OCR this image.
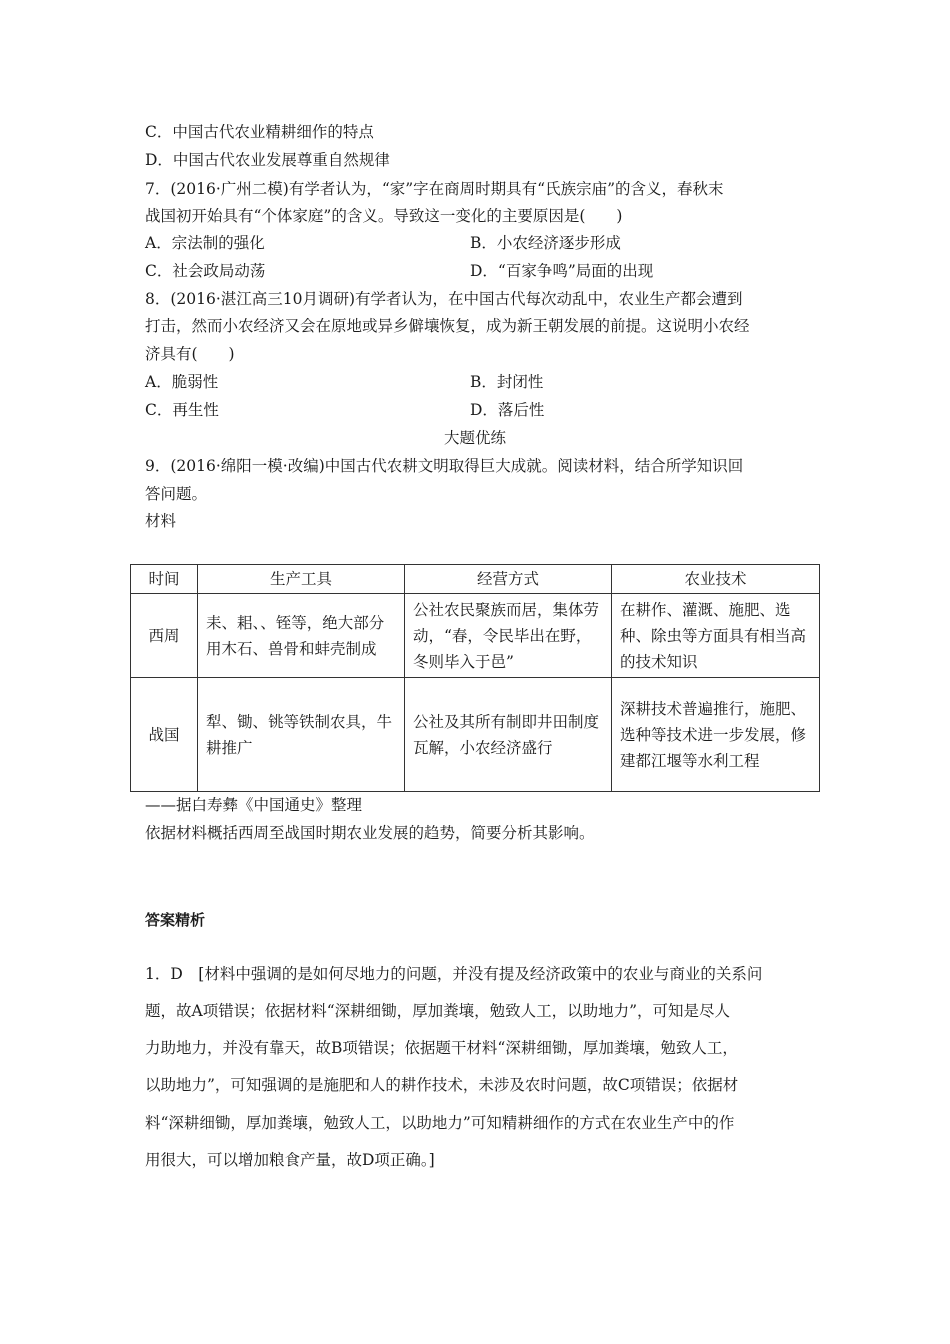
C．中国古代农业精耕细作的特点
D．中国古代农业发展尊重自然规律
7．(2016·广州二模)有学者认为，“家”字在商周时期具有“氏族宗庙”的含义，春秋末
战国初开始具有“个体家庭”的含义。导致这一变化的主要原因是(　　)
A．宗法制的强化	B．小农经济逐步形成
C．社会政局动荡	D．“百家争鸣”局面的出现
8．(2016·湛江高三10月调研)有学者认为，在中国古代每次动乱中，农业生产都会遭到
打击，然而小农经济又会在原地或异乡僻壤恢复，成为新王朝发展的前提。这说明小农经
济具有(　　)
A．脆弱性	B．封闭性
C．再生性	D．落后性
大题优练
9．(2016·绵阳一模·改编)中国古代农耕文明取得巨大成就。阅读材料，结合所学知识回
答问题。
材料
时间	生产工具	经营方式	农业技术
西周	耒、耜、、铚等，绝大部分用木石、兽骨和蚌壳制成	公社农民聚族而居，集体劳动，“春，令民毕出在野，冬则毕入于邑”	在耕作、灌溉、施肥、选种、除虫等方面具有相当高的技术知识
战国	犁、锄、铫等铁制农具，牛耕推广	公社及其所有制即井田制度瓦解，小农经济盛行	深耕技术普遍推行，施肥、选种等技术进一步发展，修建都江堰等水利工程
——据白寿彝《中国通史》整理
依据材料概括西周至战国时期农业发展的趋势，简要分析其影响。
答案精析
1．D　[材料中强调的是如何尽地力的问题，并没有提及经济政策中的农业与商业的关系问
题，故A项错误；依据材料“深耕细锄，厚加粪壤，勉致人工，以助地力”，可知是尽人
力助地力，并没有靠天，故B项错误；依据题干材料“深耕细锄，厚加粪壤，勉致人工，
以助地力”，可知强调的是施肥和人的耕作技术，未涉及农时问题，故C项错误；依据材
料“深耕细锄，厚加粪壤，勉致人工，以助地力”可知精耕细作的方式在农业生产中的作
用很大，可以增加粮食产量，故D项正确。]
